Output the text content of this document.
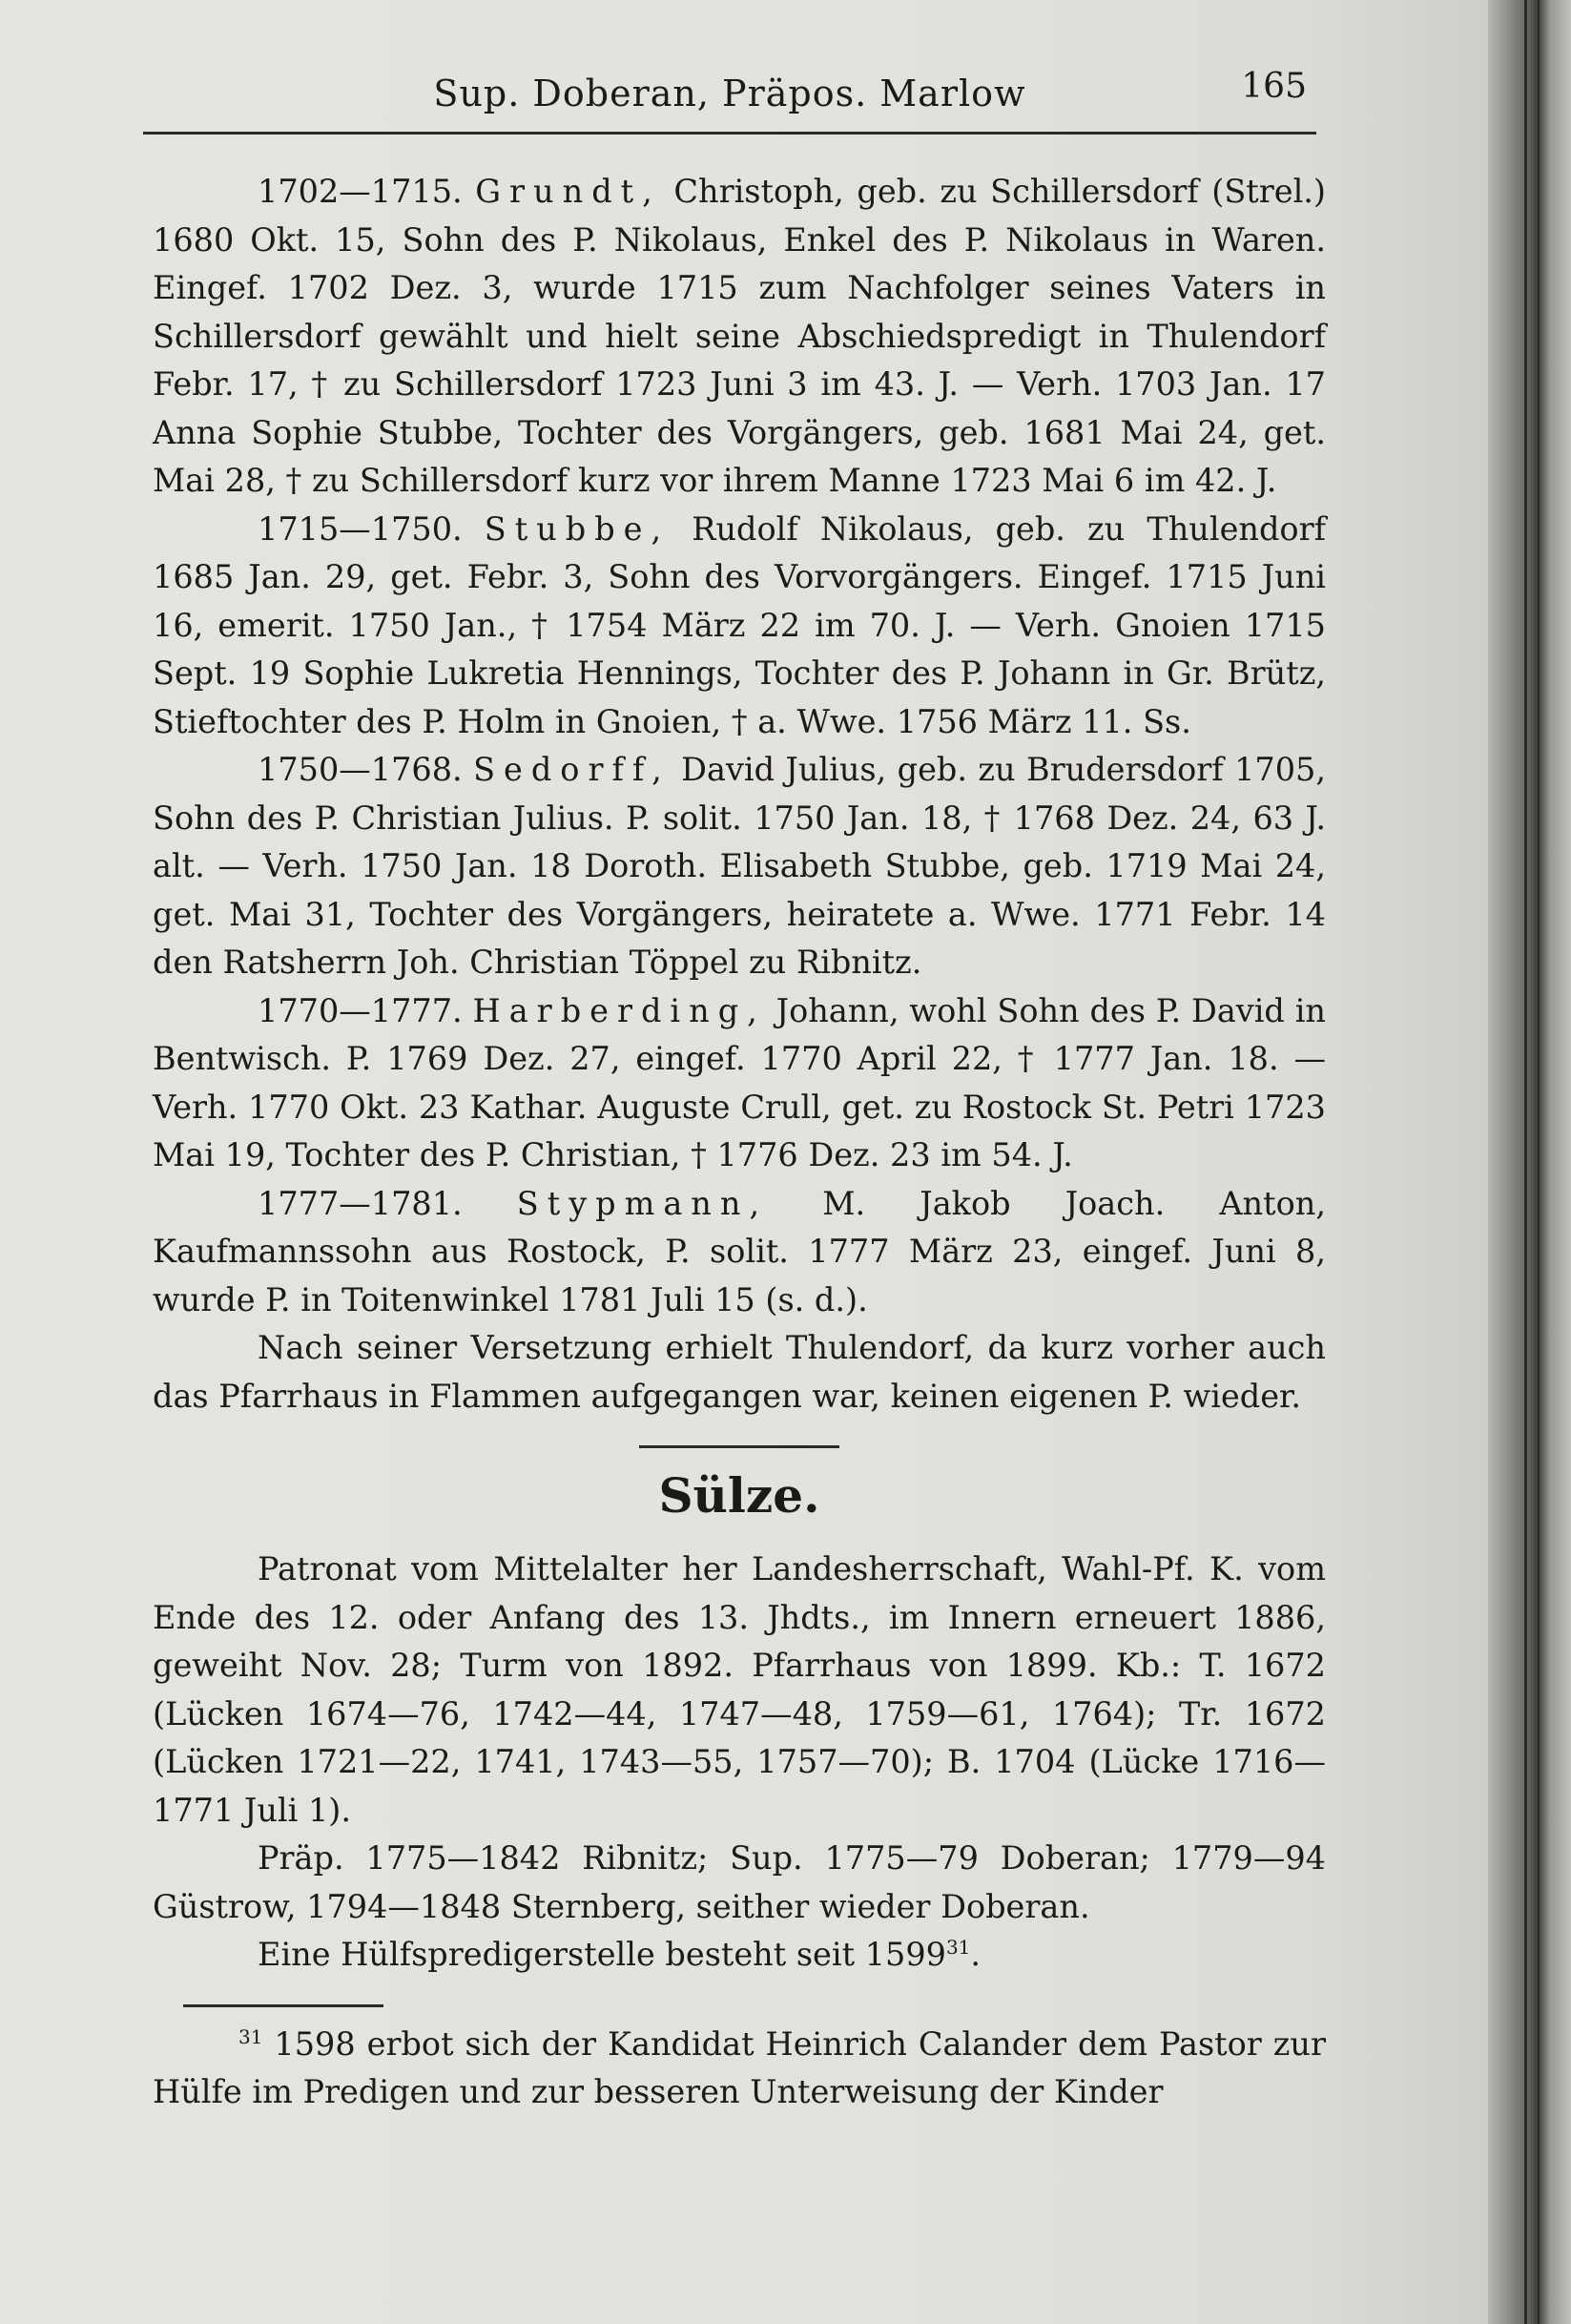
Sup. Doberan, Präpos. Marlow	165

1702—1715. Grundt, Christoph, geb. zu Schillersdorf (Strel.) 1680 Okt. 15, Sohn des P. Nikolaus, Enkel des P. Nikolaus in Waren. Eingef. 1702 Dez. 3, wurde 1715 zum Nachfolger seines Vaters in Schillersdorf gewählt und hielt seine Abschiedspredigt in Thulendorf Febr. 17, † zu Schillersdorf 1723 Juni 3 im 43. J. — Verh. 1703 Jan. 17 Anna Sophie Stubbe, Tochter des Vorgängers, geb. 1681 Mai 24, get. Mai 28, † zu Schillersdorf kurz vor ihrem Manne 1723 Mai 6 im 42. J.

1715—1750. Stubbe, Rudolf Nikolaus, geb. zu Thulendorf 1685 Jan. 29, get. Febr. 3, Sohn des Vorvorgängers. Eingef. 1715 Juni 16, emerit. 1750 Jan., † 1754 März 22 im 70. J. — Verh. Gnoien 1715 Sept. 19 Sophie Lukretia Hennings, Tochter des P. Johann in Gr. Brütz, Stieftochter des P. Holm in Gnoien, † a. Wwe. 1756 März 11. Ss.

1750—1768. Sedorff, David Julius, geb. zu Brudersdorf 1705, Sohn des P. Christian Julius. P. solit. 1750 Jan. 18, † 1768 Dez. 24, 63 J. alt. — Verh. 1750 Jan. 18 Doroth. Elisabeth Stubbe, geb. 1719 Mai 24, get. Mai 31, Tochter des Vorgängers, heiratete a. Wwe. 1771 Febr. 14 den Ratsherrn Joh. Christian Töppel zu Ribnitz.

1770—1777. Harberding, Johann, wohl Sohn des P. David in Bentwisch. P. 1769 Dez. 27, eingef. 1770 April 22, † 1777 Jan. 18. — Verh. 1770 Okt. 23 Kathar. Auguste Crull, get. zu Rostock St. Petri 1723 Mai 19, Tochter des P. Christian, † 1776 Dez. 23 im 54. J.

1777—1781. Stypmann, M. Jakob Joach. Anton, Kaufmannssohn aus Rostock, P. solit. 1777 März 23, eingef. Juni 8, wurde P. in Toitenwinkel 1781 Juli 15 (s. d.).

Nach seiner Versetzung erhielt Thulendorf, da kurz vorher auch das Pfarrhaus in Flammen aufgegangen war, keinen eigenen P. wieder.

Sülze.

Patronat vom Mittelalter her Landesherrschaft, Wahl-Pf. K. vom Ende des 12. oder Anfang des 13. Jhdts., im Innern erneuert 1886, geweiht Nov. 28; Turm von 1892. Pfarrhaus von 1899. Kb.: T. 1672 (Lücken 1674—76, 1742—44, 1747—48, 1759—61, 1764); Tr. 1672 (Lücken 1721—22, 1741, 1743—55, 1757—70); B. 1704 (Lücke 1716—1771 Juli 1).

Präp. 1775—1842 Ribnitz; Sup. 1775—79 Doberan; 1779—94 Güstrow, 1794—1848 Sternberg, seither wieder Doberan.

Eine Hülfspredigerstelle besteht seit 1599$^{31}$.

$^{31}$ 1598 erbot sich der Kandidat Heinrich Calander dem Pastor zur Hülfe im Predigen und zur besseren Unterweisung der Kinder
